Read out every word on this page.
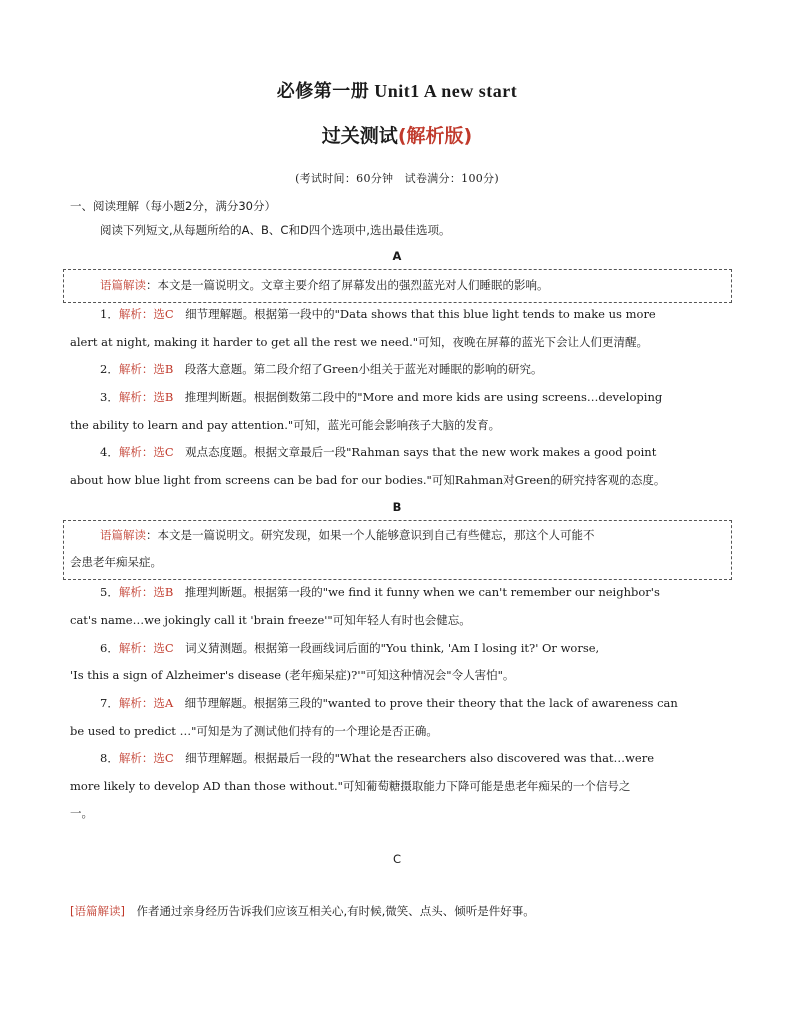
必修第一册 Unit1 A new start
过关测试(解析版)
(考试时间：60分钟　试卷满分：100分)
一、阅读理解（每小题2分，满分30分）
阅读下列短文,从每题所给的A、B、C和D四个选项中,选出最佳选项。
A
语篇解读：本文是一篇说明文。文章主要介绍了屏幕发出的强烈蓝光对人们睡眠的影响。
1．解析：选C　细节理解题。根据第一段中的"Data shows that this blue light tends to make us more
alert at night, making it harder to get all the rest we need."可知，夜晚在屏幕的蓝光下会让人们更清醒。
2．解析：选B　段落大意题。第二段介绍了Green小组关于蓝光对睡眠的影响的研究。
3．解析：选B　推理判断题。根据倒数第二段中的"More and more kids are using screens…developing
the ability to learn and pay attention."可知，蓝光可能会影响孩子大脑的发育。
4．解析：选C　观点态度题。根据文章最后一段"Rahman says that the new work makes a good point
about how blue light from screens can be bad for our bodies."可知Rahman对Green的研究持客观的态度。
B
语篇解读：本文是一篇说明文。研究发现，如果一个人能够意识到自己有些健忘，那这个人可能不
会患老年痴呆症。
5．解析：选B　推理判断题。根据第一段的"we find it funny when we can't remember our neighbor's
cat's name…we jokingly call it 'brain freeze'"可知年轻人有时也会健忘。
6．解析：选C　词义猜测题。根据第一段画线词后面的"You think, 'Am I losing it?' Or worse,
'Is this a sign of Alzheimer's disease (老年痴呆症)?'"可知这种情况会"令人害怕"。
7．解析：选A　细节理解题。根据第三段的"wanted to prove their theory that the lack of awareness can
be used to predict …"可知是为了测试他们持有的一个理论是否正确。
8．解析：选C　细节理解题。根据最后一段的"What the researchers also discovered was that…were
more likely to develop AD than those without."可知葡萄糖摄取能力下降可能是患老年痴呆的一个信号之
一。
C
[语篇解读]　作者通过亲身经历告诉我们应该互相关心,有时候,微笑、点头、倾听是件好事。
